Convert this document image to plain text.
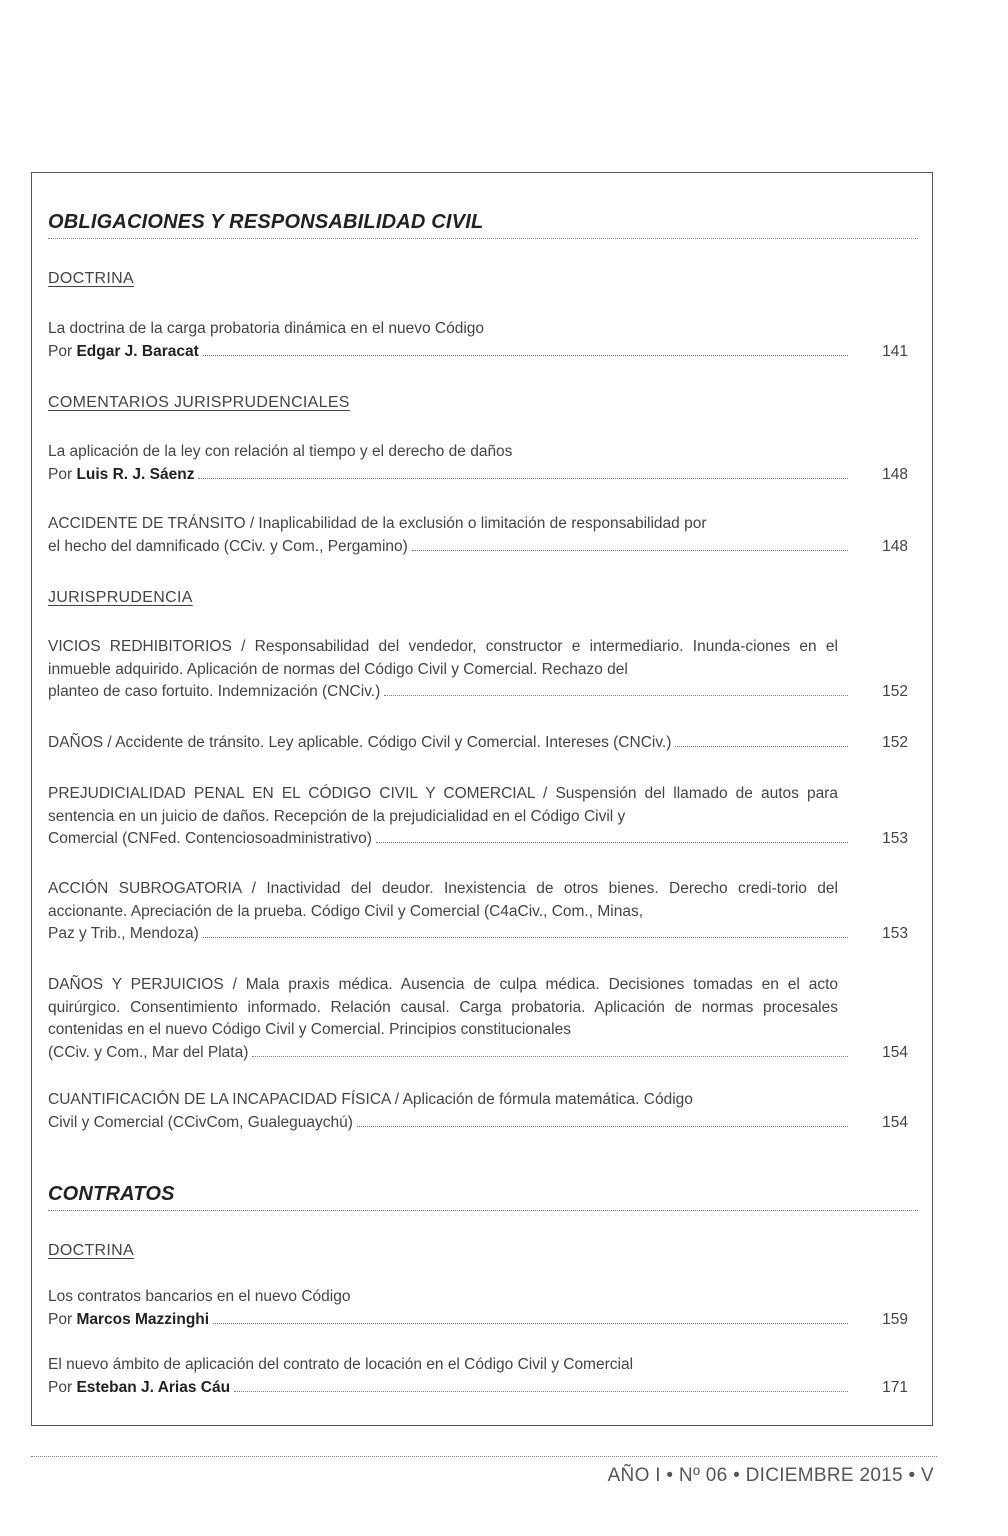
OBLIGACIONES Y RESPONSABILIDAD CIVIL
DOCTRINA
La doctrina de la carga probatoria dinámica en el nuevo Código
Por
Edgar J. Baracat	141
COMENTARIOS JURISPRUDENCIALES
La aplicación de la ley con relación al tiempo y el derecho de daños
Por
Luis R. J. Sáenz	148
ACCIDENTE DE TRÁNSITO / Inaplicabilidad de la exclusión o limitación de responsabilidad por
el hecho del damnificado (CCiv. y Com., Pergamino)	148
JURISPRUDENCIA
VICIOS REDHIBITORIOS / Responsabilidad del vendedor, constructor e intermediario. Inunda-ciones en el inmueble adquirido. Aplicación de normas del Código Civil y Comercial. Rechazo del
planteo de caso fortuito. Indemnización (CNCiv.)	152
DAÑOS / Accidente de tránsito. Ley aplicable. Código Civil y Comercial. Intereses (CNCiv.)	152
PREJUDICIALIDAD PENAL EN EL CÓDIGO CIVIL Y COMERCIAL / Suspensión del llamado de autos para sentencia en un juicio de daños. Recepción de la prejudicialidad en el Código Civil y
Comercial (CNFed. Contenciosoadministrativo)	153
ACCIÓN SUBROGATORIA / Inactividad del deudor. Inexistencia de otros bienes. Derecho credi-torio del accionante. Apreciación de la prueba. Código Civil y Comercial (C4aCiv., Com., Minas,
Paz y Trib., Mendoza)	153
DAÑOS Y PERJUICIOS / Mala praxis médica. Ausencia de culpa médica. Decisiones tomadas en el acto quirúrgico. Consentimiento informado. Relación causal. Carga probatoria. Aplicación de normas procesales contenidas en el nuevo Código Civil y Comercial. Principios constitucionales
(CCiv. y Com., Mar del Plata)	154
CUANTIFICACIÓN DE LA INCAPACIDAD FÍSICA / Aplicación de fórmula matemática. Código
Civil y Comercial (CCivCom, Gualeguaychú)	154
CONTRATOS
DOCTRINA
Los contratos bancarios en el nuevo Código
Por
Marcos Mazzinghi	159
El nuevo ámbito de aplicación del contrato de locación en el Código Civil y Comercial
Por
Esteban J. Arias Cáu	171
AÑO I • Nº 06 • DICIEMBRE 2015 • V
